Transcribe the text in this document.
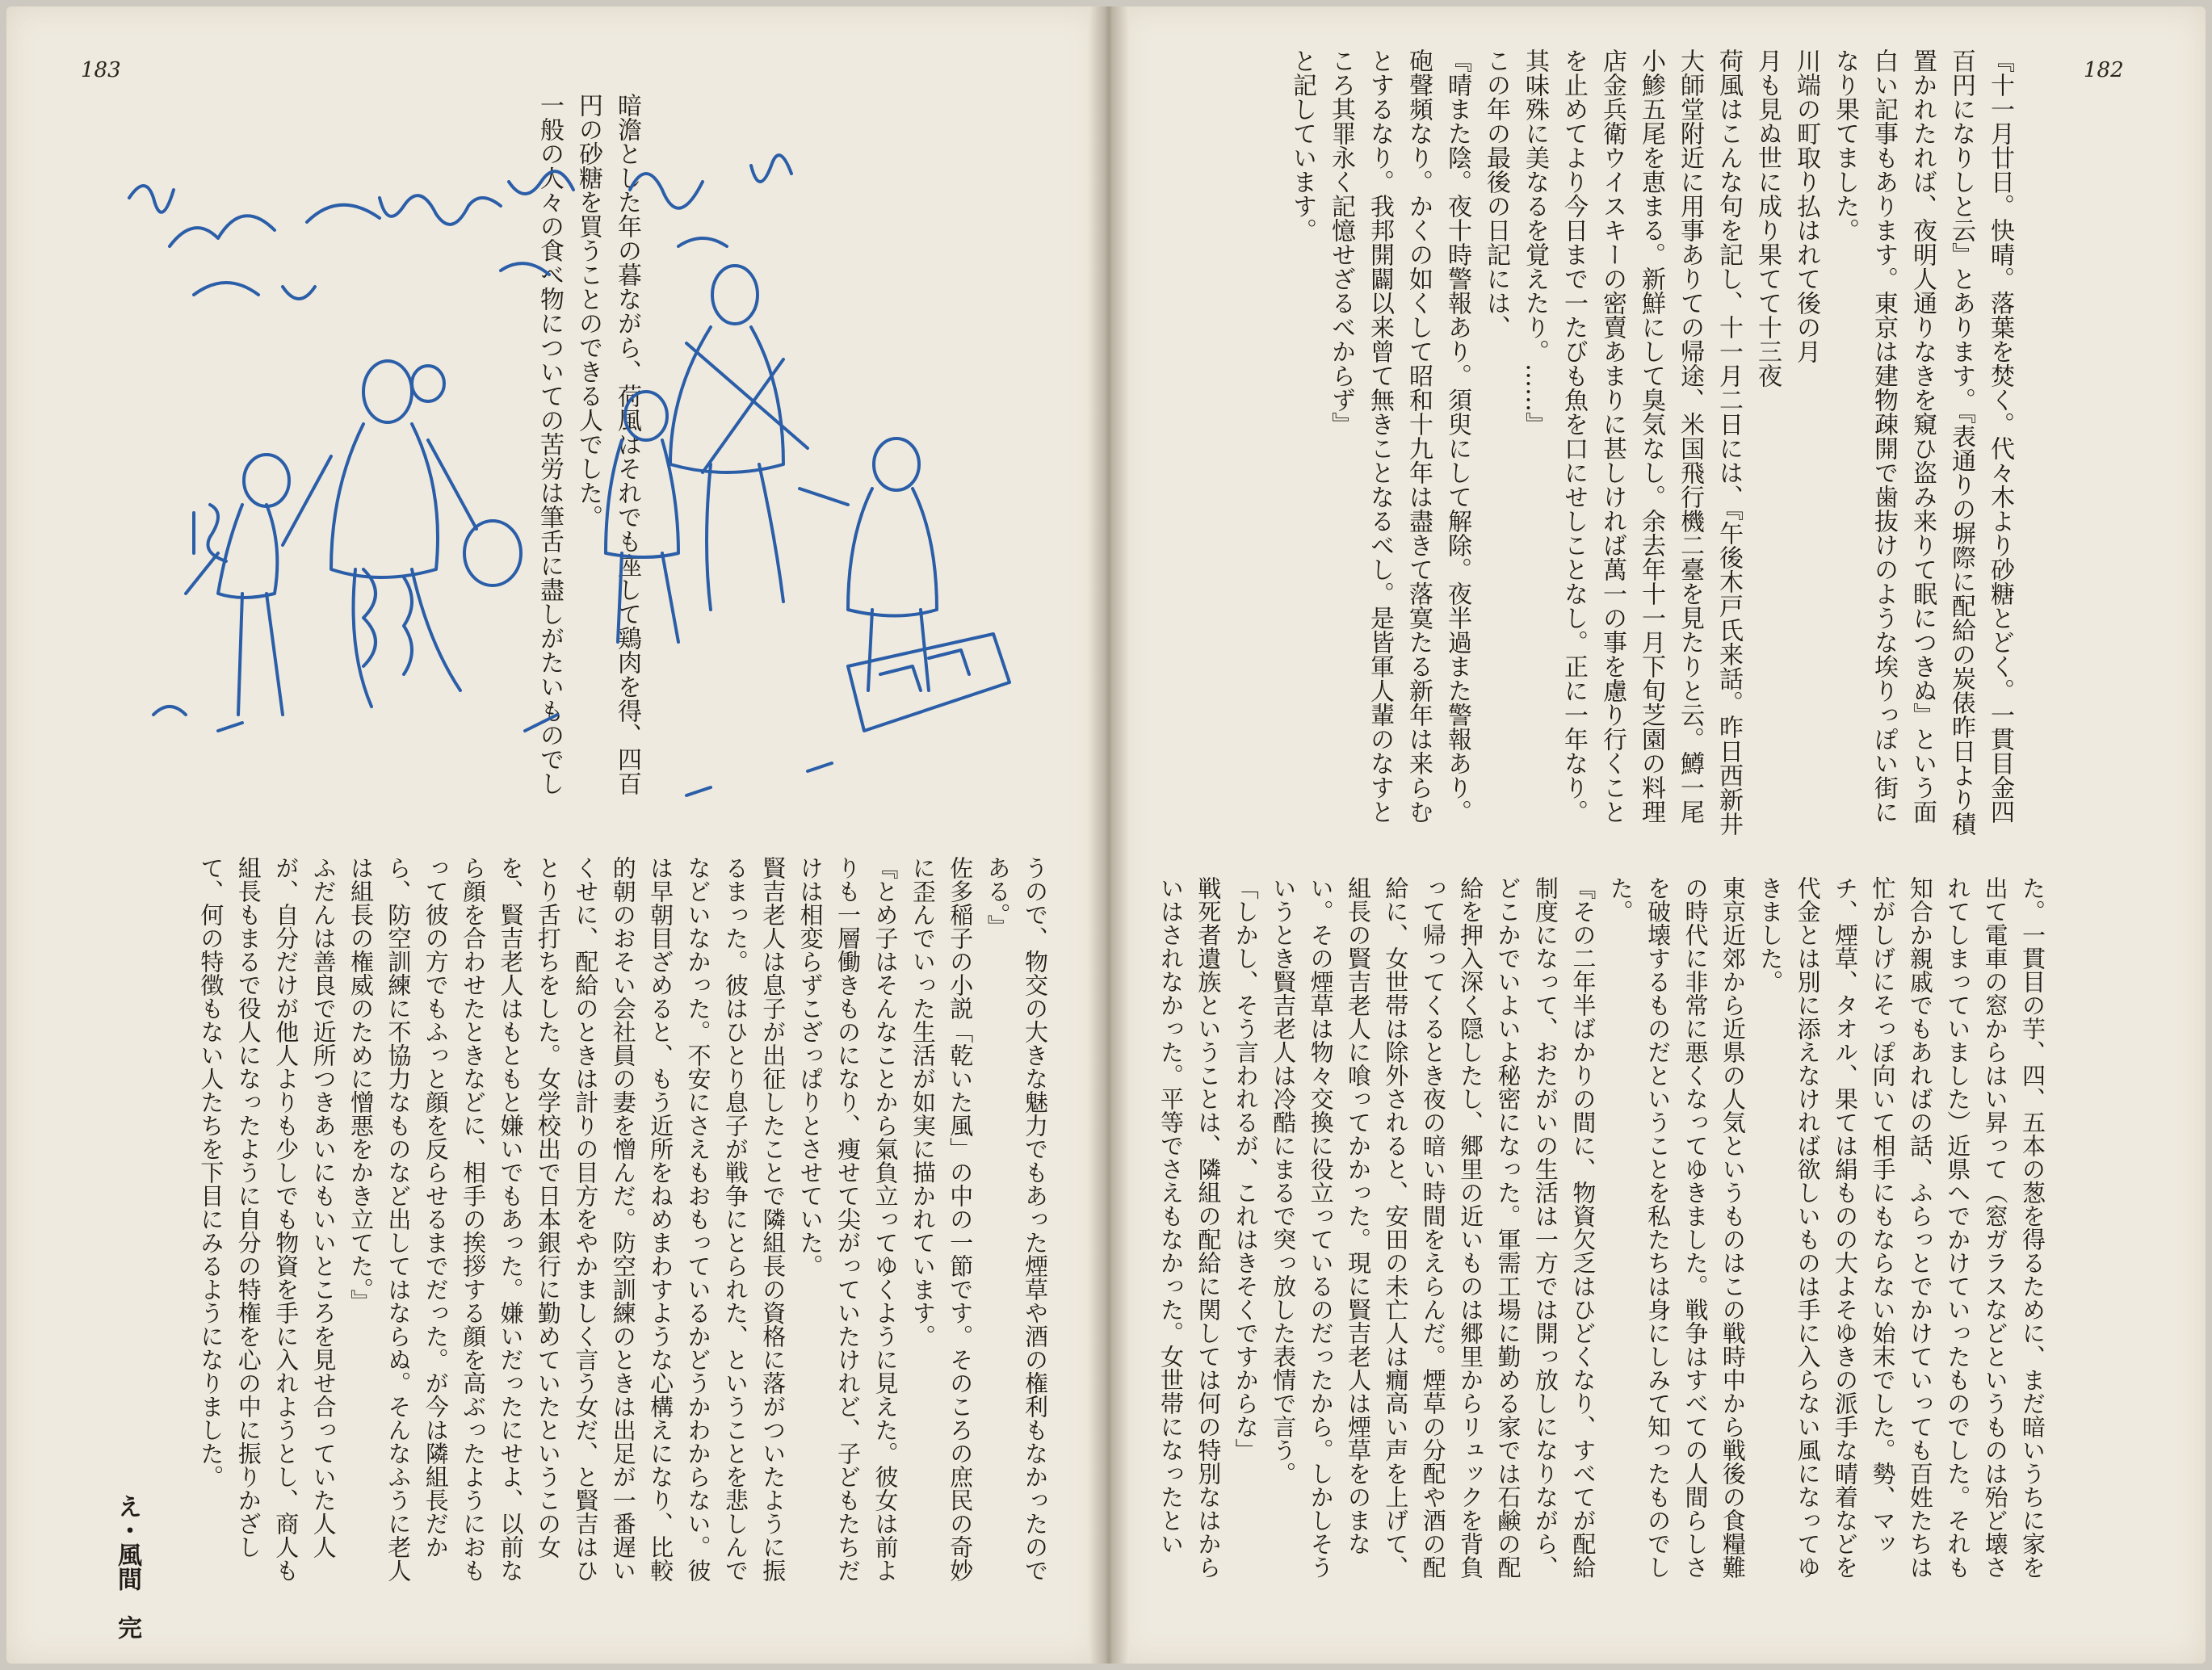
183	182
『十一月廿日。快晴。落葉を焚く。代々木より砂糖とどく。一貫目金四百円になりしと云』とあります。『表通りの塀際に配給の炭俵昨日より積置かれたれば、夜明人通りなきを窺ひ盗み来りて眠につきぬ』という面白い記事もあります。東京は建物疎開で歯抜けのような埃りっぽい街になり果てました。
川端の町取り払はれて後の月
月も見ぬ世に成り果てて十三夜
荷風はこんな句を記し、十一月二日には、『午後木戸氏来話。昨日西新井大師堂附近に用事ありての帰途、米国飛行機二臺を見たりと云。鱒一尾小鯵五尾を恵まる。新鮮にして臭気なし。余去年十一月下旬芝園の料理店金兵衛ウイスキーの密賣あまりに甚しければ萬一の事を慮り行くことを止めてより今日まで一たびも魚を口にせしことなし。正に一年なり。其味殊に美なるを覚えたり。……』
この年の最後の日記には、
『晴また陰。夜十時警報あり。須臾にして解除。夜半過また警報あり。砲聲頻なり。かくの如くして昭和十九年は盡きて落寞たる新年は来らむとするなり。我邦開闢以来曾て無きことなるべし。是皆軍人輩のなすところ其罪永く記憶せざるべからず』
と記しています。
た。一貫目の芋、四、五本の葱を得るために、まだ暗いうちに家を出て電車の窓からはい昇って（窓ガラスなどというものは殆ど壊されてしまっていました）近県へでかけていったものでした。それも知合か親戚でもあればの話、ふらっとでかけていっても百姓たちは忙がしげにそっぽ向いて相手にもならない始末でした。勢、マッチ、煙草、タオル、果ては絹ものの大よそゆきの派手な晴着などを代金とは別に添えなければ欲しいものは手に入らない風になってゆきました。
東京近郊から近県の人気というものはこの戦時中から戦後の食糧難の時代に非常に悪くなってゆきました。戦争はすべての人間らしさを破壊するものだということを私たちは身にしみて知ったものでした。
『その二年半ばかりの間に、物資欠乏はひどくなり、すべてが配給制度になって、おたがいの生活は一方では開っ放しになりながら、どこかでいよいよ秘密になった。軍需工場に勤める家では石鹸の配給を押入深く隠したし、郷里の近いものは郷里からリュックを背負って帰ってくるとき夜の暗い時間をえらんだ。煙草の分配や酒の配給に、女世帯は除外されると、安田の未亡人は癇高い声を上げて、組長の賢吉老人に喰ってかかった。現に賢吉老人は煙草をのまない。その煙草は物々交換に役立っているのだったから。しかしそういうとき賢吉老人は冷酷にまるで突っ放した表情で言う。
「しかし、そう言われるが、これはきそくですからな」
戦死者遺族ということは、隣組の配給に関しては何の特別なはからいはされなかった。平等でさえもなかった。女世帯になったとい
暗澹とした年の暮ながら、荷風はそれでも座して鶏肉を得、四百円の砂糖を買うことのできる人でした。
一般の人々の食べ物についての苦労は筆舌に盡しがたいものでし
うので、物交の大きな魅力でもあった煙草や酒の権利もなかったのである。』
佐多稲子の小説「乾いた風」の中の一節です。そのころの庶民の奇妙に歪んでいった生活が如実に描かれています。
『とめ子はそんなことから氣負立ってゆくように見えた。彼女は前よりも一層働きものになり、痩せて尖がっていたけれど、子どもたちだけは相変らずこざっぱりとさせていた。
賢吉老人は息子が出征したことで隣組長の資格に落がついたように振るまった。彼はひとり息子が戦争にとられた、ということを悲しんでなどいなかった。不安にさえもおもっているかどうかわからない。彼は早朝目ざめると、もう近所をねめまわすような心構えになり、比較的朝のおそい会社員の妻を憎んだ。防空訓練のときは出足が一番遅いくせに、配給のときは計りの目方をやかましく言う女だ、と賢吉はひとり舌打ちをした。女学校出で日本銀行に勤めていたというこの女を、賢吉老人はもともと嫌いでもあった。嫌いだったにせよ、以前なら顔を合わせたときなどに、相手の挨拶する顔を高ぶったようにおもって彼の方でもふっと顔を反らせるまでだった。が今は隣組長だから、防空訓練に不協力なものなど出してはならぬ。そんなふうに老人は組長の権威のために憎悪をかき立てた。』
ふだんは善良で近所つきあいにもいいところを見せ合っていた人人が、自分だけが他人よりも少しでも物資を手に入れようとし、商人も組長もまるで役人になったように自分の特権を心の中に振りかざして、何の特徴もない人たちを下目にみるようになりました。
え・風間　完
